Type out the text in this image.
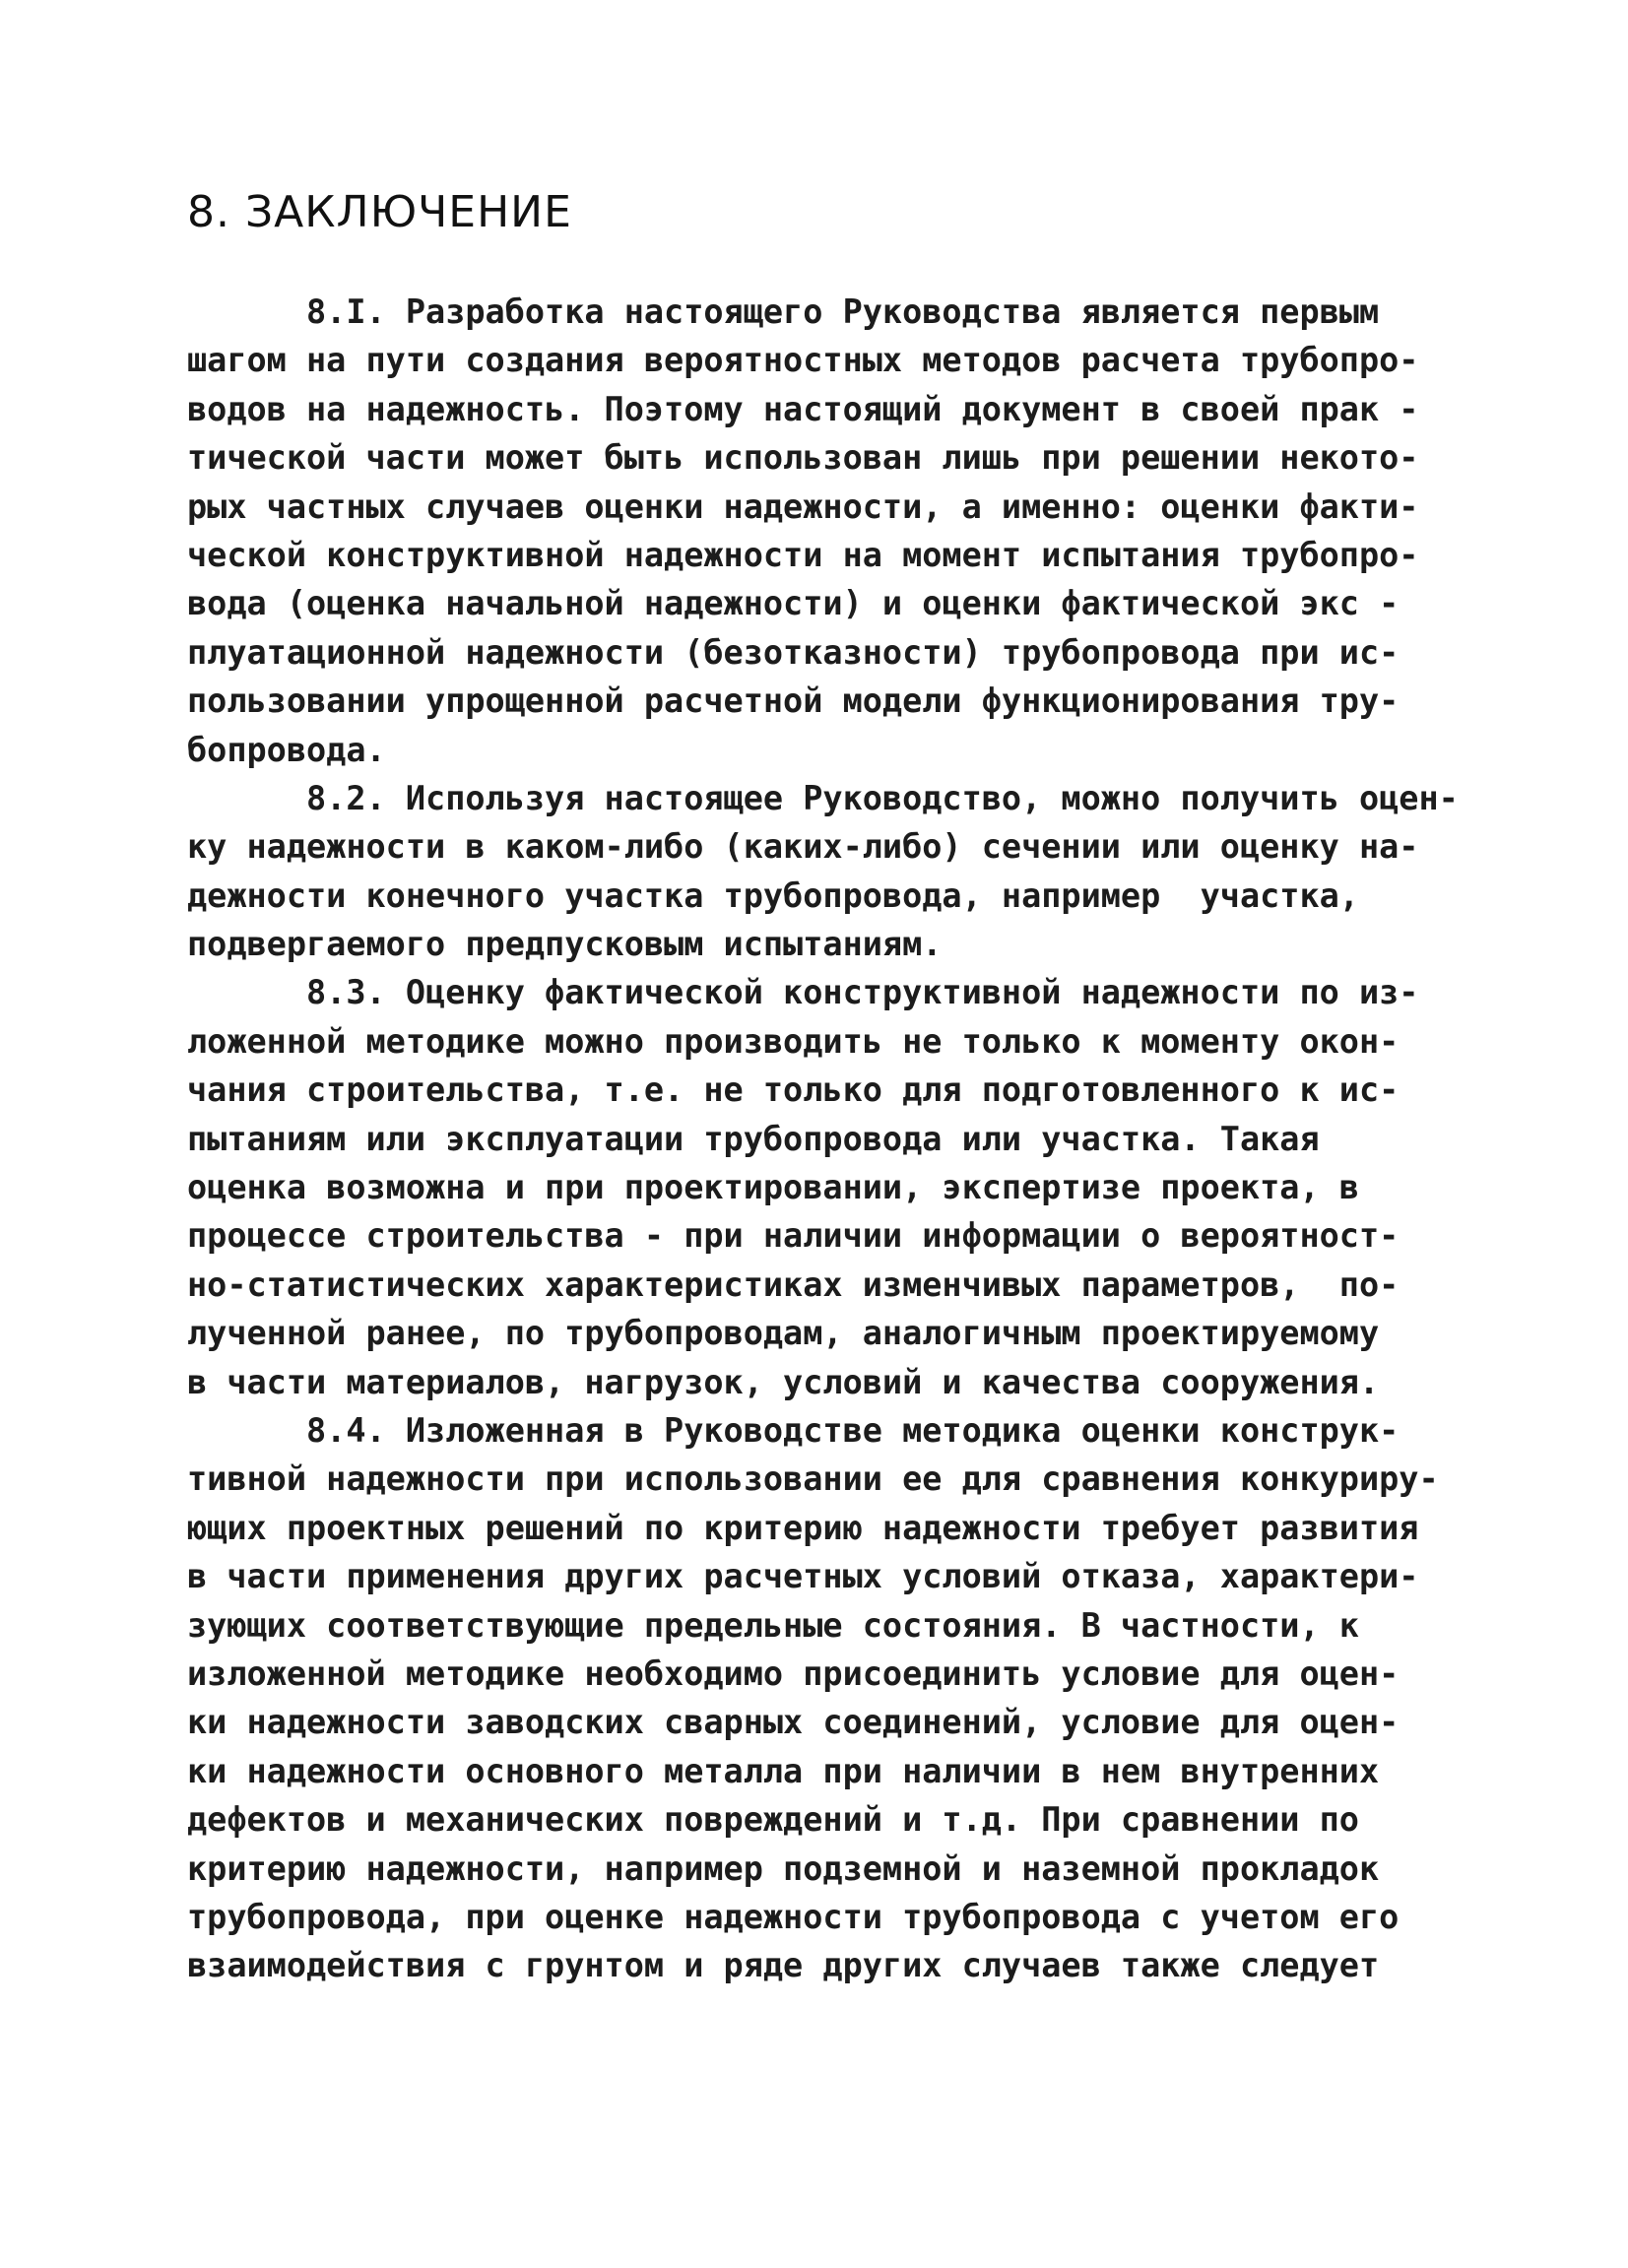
8. ЗАКЛЮЧЕНИЕ
8.I. Разработка настоящего Руководства является первым
шагом на пути создания вероятностных методов расчета трубопро-
водов на надежность. Поэтому настоящий документ в своей прак -
тической части может быть использован лишь при решении некото-
рых частных случаев оценки надежности, а именно: оценки факти-
ческой конструктивной надежности на момент испытания трубопро-
вода (оценка начальной надежности) и оценки фактической экс -
плуатационной надежности (безотказности) трубопровода при ис-
пользовании упрощенной расчетной модели функционирования тру-
бопровода.
8.2. Используя настоящее Руководство, можно получить оцен-
ку надежности в каком-либо (каких-либо) сечении или оценку на-
дежности конечного участка трубопровода, например  участка,
подвергаемого предпусковым испытаниям.
8.3. Оценку фактической конструктивной надежности по из-
ложенной методике можно производить не только к моменту окон-
чания строительства, т.е. не только для подготовленного к ис-
пытаниям или эксплуатации трубопровода или участка. Такая
оценка возможна и при проектировании, экспертизе проекта, в
процессе строительства - при наличии информации о вероятност-
но-статистических характеристиках изменчивых параметров,  по-
лученной ранее, по трубопроводам, аналогичным проектируемому
в части материалов, нагрузок, условий и качества сооружения.
8.4. Изложенная в Руководстве методика оценки конструк-
тивной надежности при использовании ее для сравнения конкуриру-
ющих проектных решений по критерию надежности требует развития
в части применения других расчетных условий отказа, характери-
зующих соответствующие предельные состояния. В частности, к
изложенной методике необходимо присоединить условие для оцен-
ки надежности заводских сварных соединений, условие для оцен-
ки надежности основного металла при наличии в нем внутренних
дефектов и механических повреждений и т.д. При сравнении по
критерию надежности, например подземной и наземной прокладок
трубопровода, при оценке надежности трубопровода с учетом его
взаимодействия с грунтом и ряде других случаев также следует
